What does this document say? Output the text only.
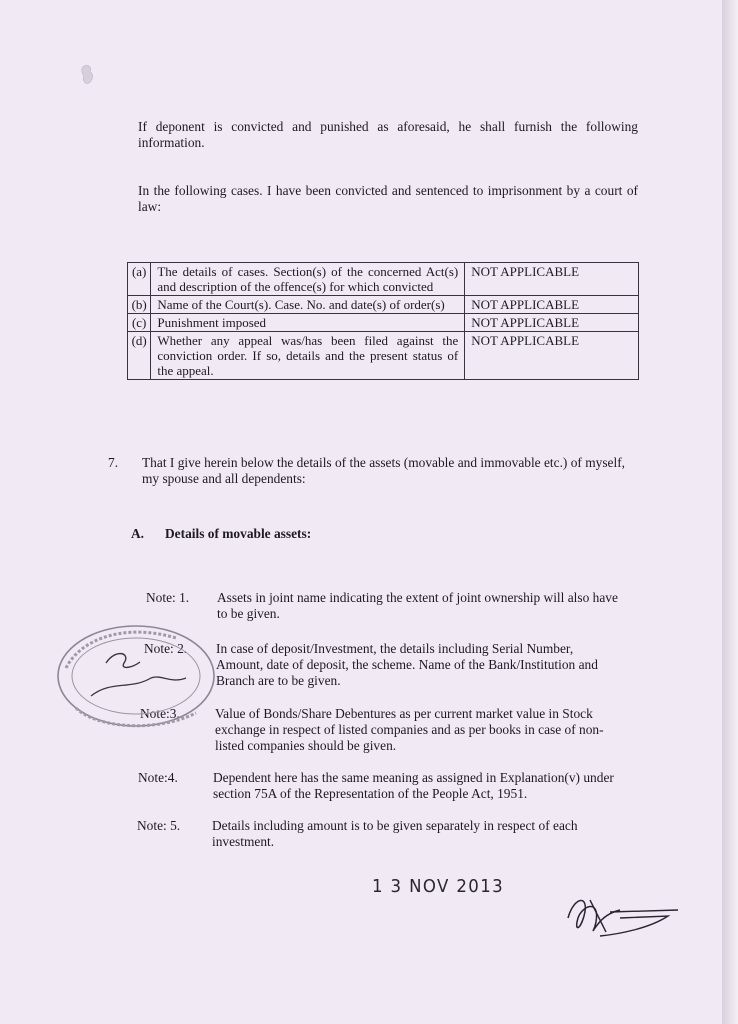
If deponent is convicted and punished as aforesaid, he shall furnish the following information.
In the following cases. I have been convicted and sentenced to imprisonment by a court of law:
(a)	The details of cases. Section(s) of the concerned Act(s) and description of the offence(s) for which convicted	NOT APPLICABLE
(b)	Name of the Court(s). Case. No. and date(s) of order(s)	NOT APPLICABLE
(c)	Punishment imposed	NOT APPLICABLE
(d)	Whether any appeal was/has been filed against the conviction order. If so, details and the present status of the appeal.	NOT APPLICABLE
7. That I give herein below the details of the assets (movable and immovable etc.) of myself, my spouse and all dependents:
A. Details of movable assets:
Note: 1. Assets in joint name indicating the extent of joint ownership will also have to be given.
Note: 2. In case of deposit/Investment, the details including Serial Number, Amount, date of deposit, the scheme. Name of the Bank/Institution and Branch are to be given.
Note:3.	Value of Bonds/Share Debentures as per current market value in Stock exchange in respect of listed companies and as per books in case of non-listed companies should be given.
Note:4.	Dependent here has the same meaning as assigned in Explanation(v) under section 75A of the Representation of the People Act, 1951.
Note: 5. Details including amount is to be given separately in respect of each investment.
1 3 NOV 2013
